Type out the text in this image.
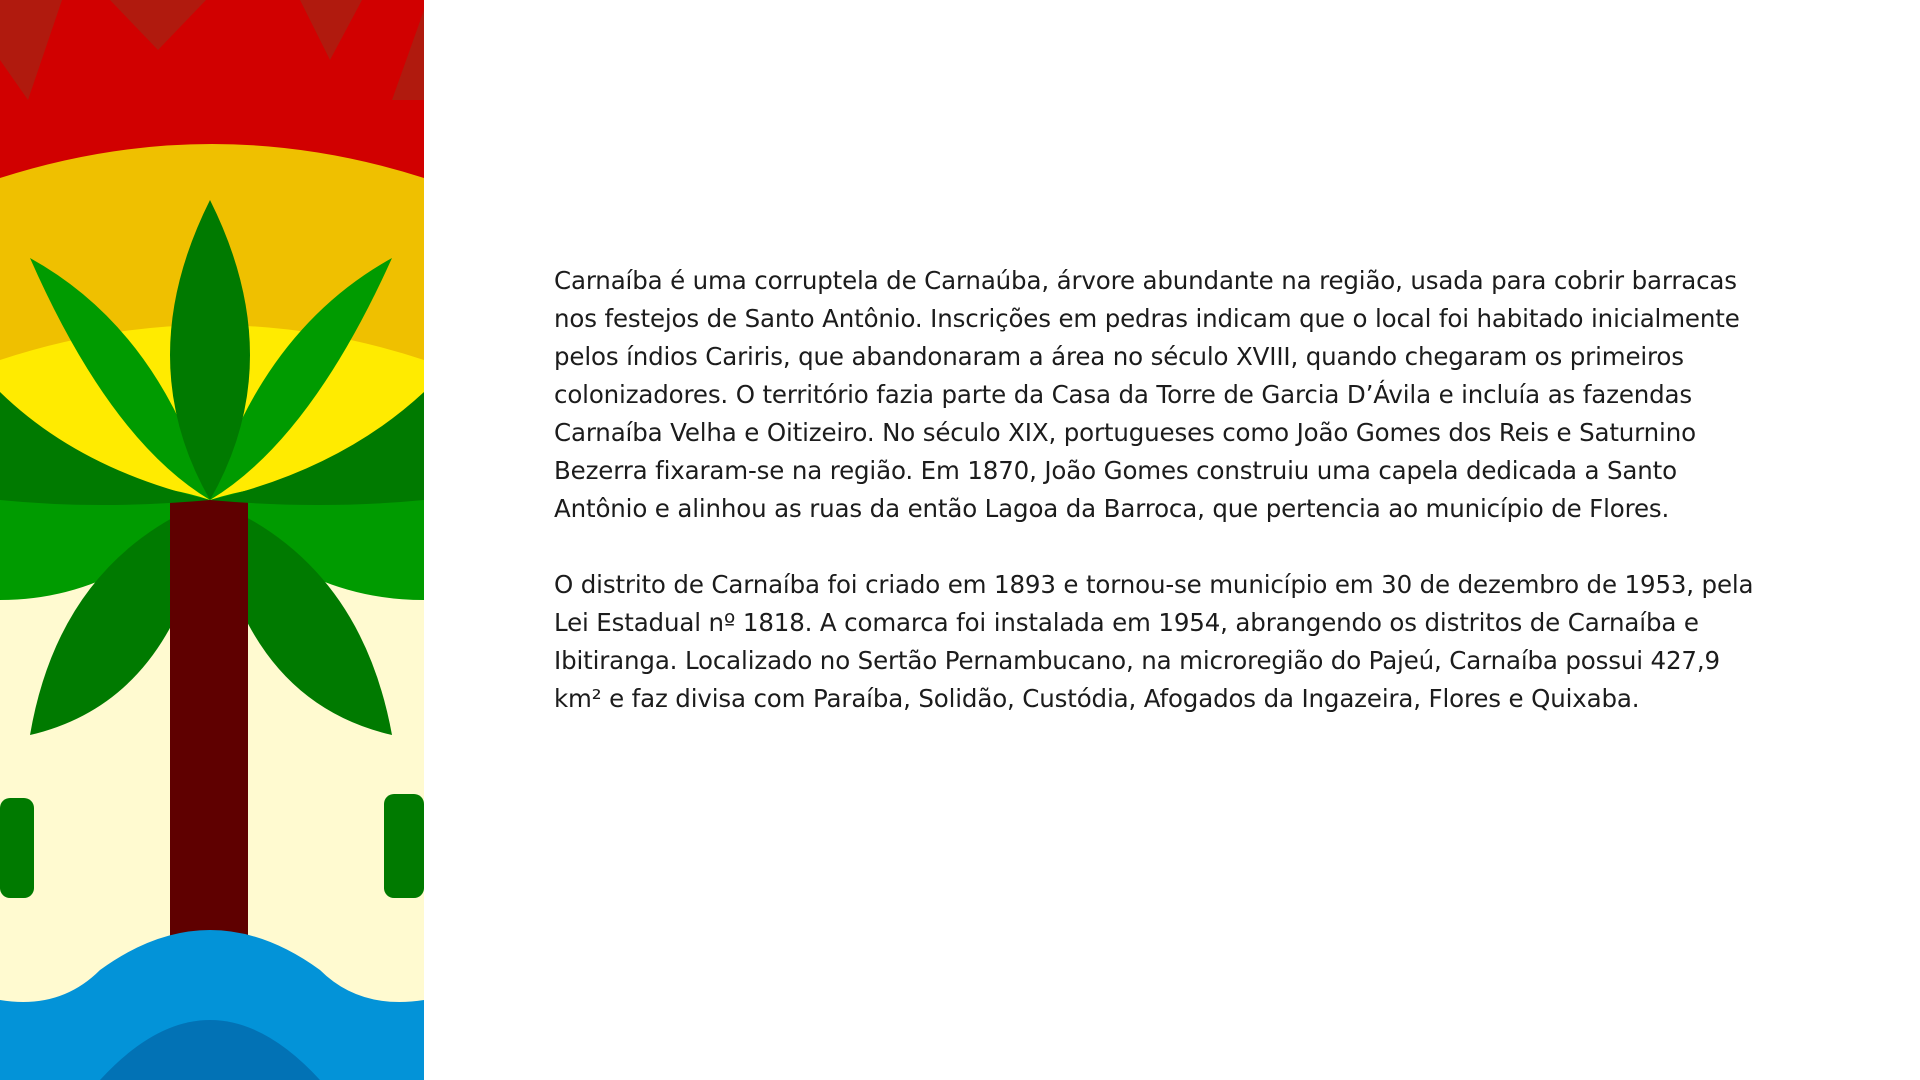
Carnaíba é uma corruptela de Carnaúba, árvore abundante na região, usada para cobrir barracas nos festejos de Santo Antônio. Inscrições em pedras indicam que o local foi habitado inicialmente pelos índios Cariris, que abandonaram a área no século XVIII, quando chegaram os primeiros colonizadores. O território fazia parte da Casa da Torre de Garcia D’Ávila e incluía as fazendas Carnaíba Velha e Oitizeiro. No século XIX, portugueses como João Gomes dos Reis e Saturnino Bezerra fixaram-se na região. Em 1870, João Gomes construiu uma capela dedicada a Santo Antônio e alinhou as ruas da então Lagoa da Barroca, que pertencia ao município de Flores.

O distrito de Carnaíba foi criado em 1893 e tornou-se município em 30 de dezembro de 1953, pela Lei Estadual nº 1818. A comarca foi instalada em 1954, abrangendo os distritos de Carnaíba e Ibitiranga. Localizado no Sertão Pernambucano, na microregião do Pajeú, Carnaíba possui 427,9 km² e faz divisa com Paraíba, Solidão, Custódia, Afogados da Ingazeira, Flores e Quixaba.
